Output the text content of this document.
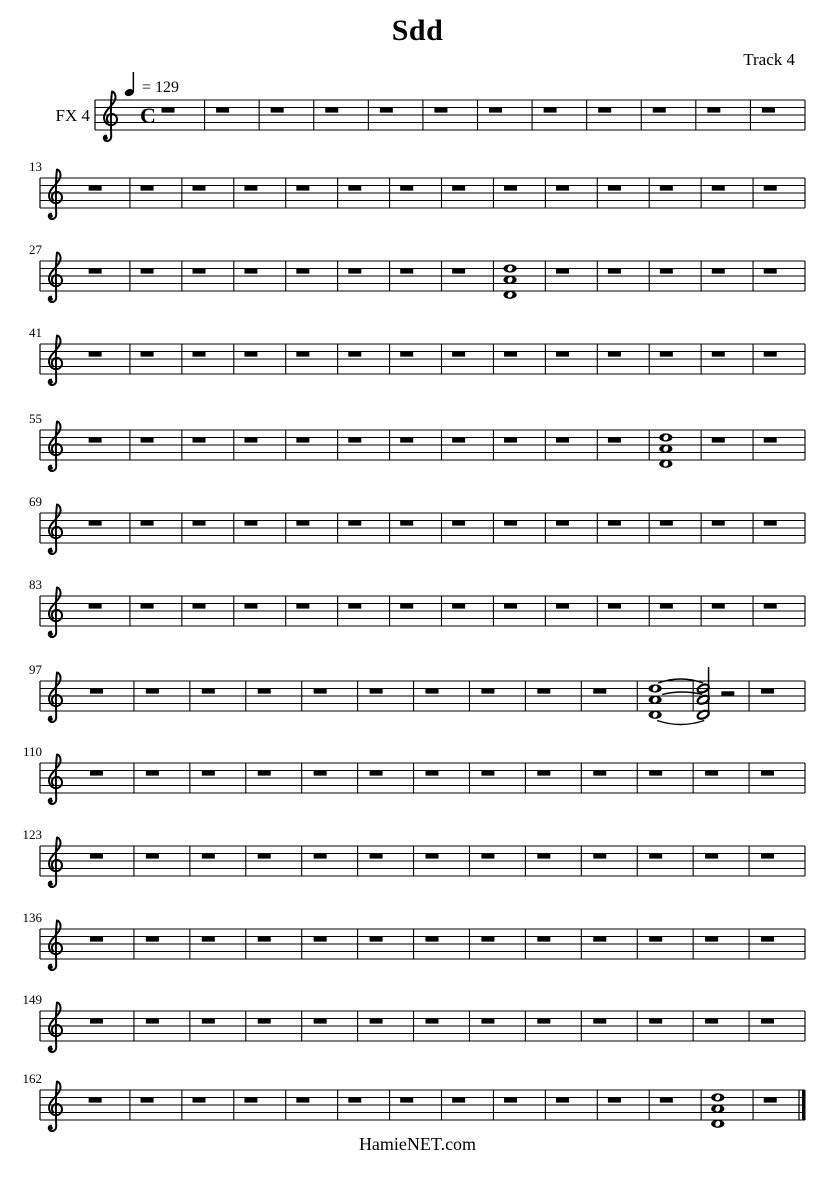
Sdd
Track 4
C
13
27
41
55
69
83
97
110
123
136
149
162
FX 4
= 129
HamieNET.com
